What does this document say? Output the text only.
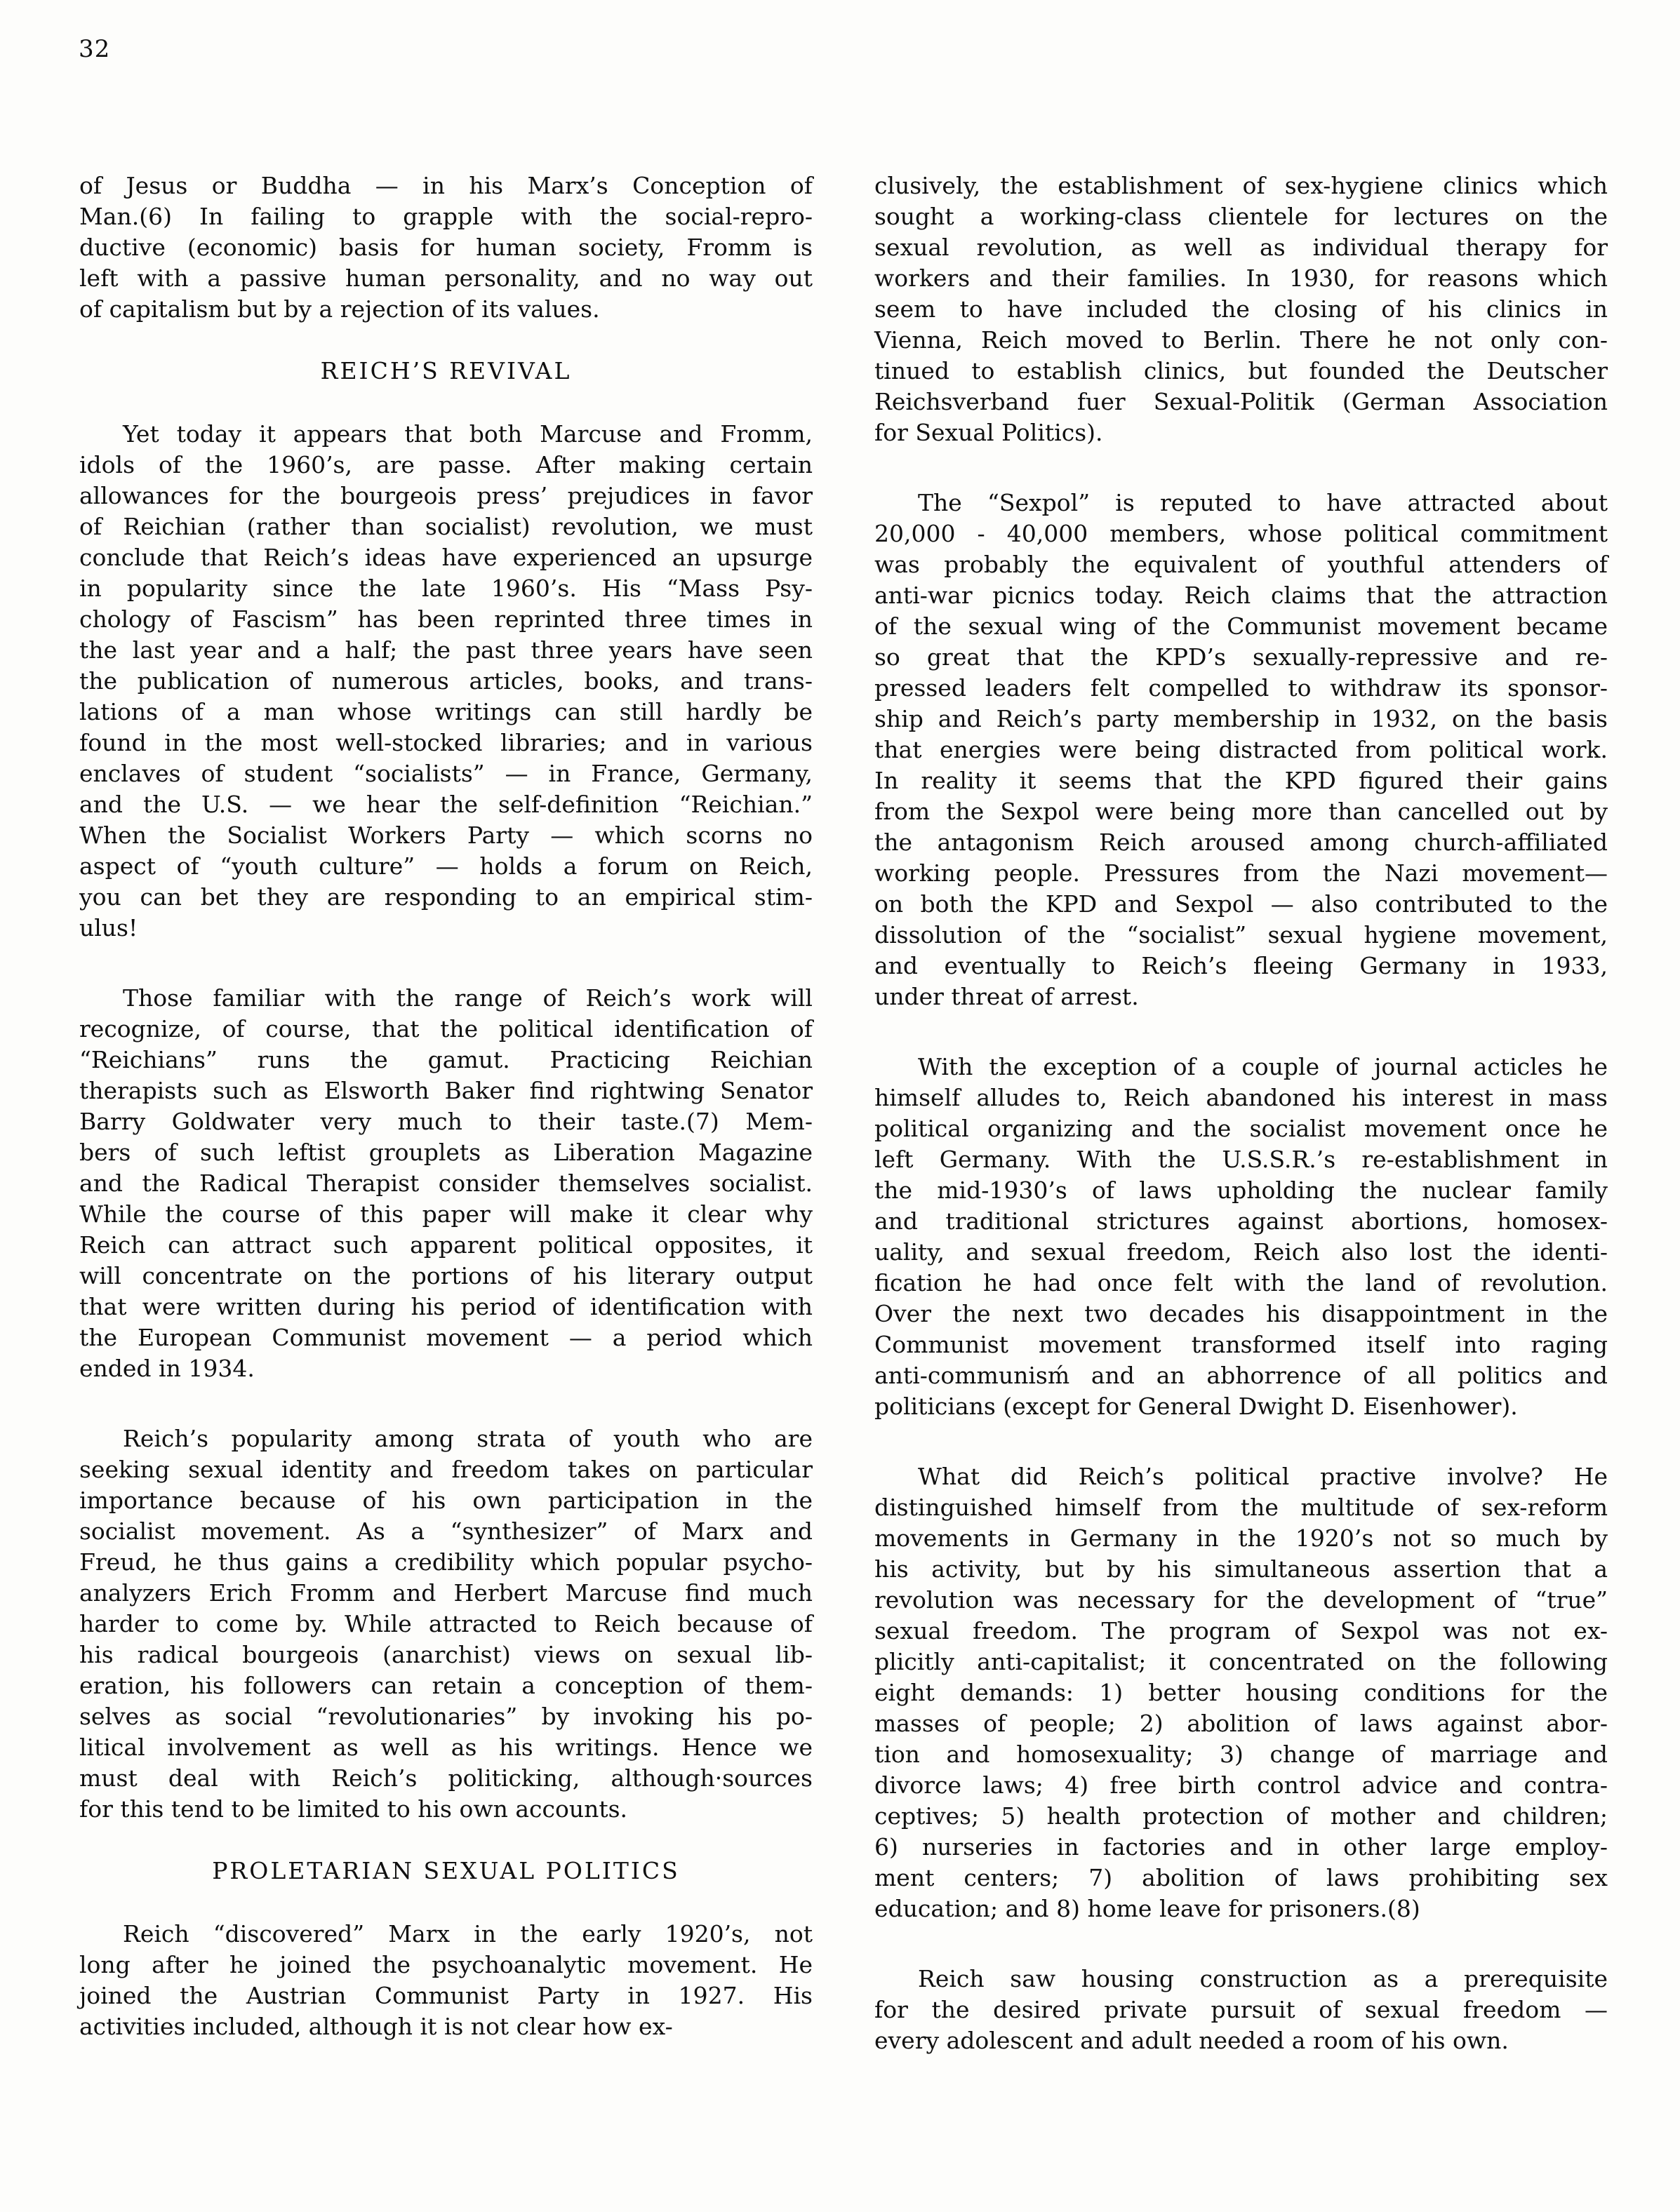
32
of Jesus or Buddha — in his Marx’s Conception of
Man.(6) In failing to grapple with the social-repro-
ductive (economic) basis for human society, Fromm is
left with a passive human personality, and no way out
of capitalism but by a rejection of its values.
REICH’S REVIVAL
Yet today it appears that both Marcuse and Fromm,
idols of the 1960’s, are passe. After making certain
allowances for the bourgeois press’ prejudices in favor
of Reichian (rather than socialist) revolution, we must
conclude that Reich’s ideas have experienced an upsurge
in popularity since the late 1960’s. His “Mass Psy-
chology of Fascism” has been reprinted three times in
the last year and a half; the past three years have seen
the publication of numerous articles, books, and trans-
lations of a man whose writings can still hardly be
found in the most well-stocked libraries; and in various
enclaves of student “socialists” — in France, Germany,
and the U.S. — we hear the self-definition “Reichian.”
When the Socialist Workers Party — which scorns no
aspect of “youth culture” — holds a forum on Reich,
you can bet they are responding to an empirical stim-
ulus!
Those familiar with the range of Reich’s work will
recognize, of course, that the political identification of
“Reichians” runs the gamut. Practicing Reichian
therapists such as Elsworth Baker find rightwing Senator
Barry Goldwater very much to their taste.(7) Mem-
bers of such leftist grouplets as Liberation Magazine
and the Radical Therapist consider themselves socialist.
While the course of this paper will make it clear why
Reich can attract such apparent political opposites, it
will concentrate on the portions of his literary output
that were written during his period of identification with
the European Communist movement — a period which
ended in 1934.
Reich’s popularity among strata of youth who are
seeking sexual identity and freedom takes on particular
importance because of his own participation in the
socialist movement. As a “synthesizer” of Marx and
Freud, he thus gains a credibility which popular psycho-
analyzers Erich Fromm and Herbert Marcuse find much
harder to come by. While attracted to Reich because of
his radical bourgeois (anarchist) views on sexual lib-
eration, his followers can retain a conception of them-
selves as social “revolutionaries” by invoking his po-
litical involvement as well as his writings. Hence we
must deal with Reich’s politicking, although·sources
for this tend to be limited to his own accounts.
PROLETARIAN SEXUAL POLITICS
Reich “discovered” Marx in the early 1920’s, not
long after he joined the psychoanalytic movement. He
joined the Austrian Communist Party in 1927. His
activities included, although it is not clear how ex-
clusively, the establishment of sex-hygiene clinics which
sought a working-class clientele for lectures on the
sexual revolution, as well as individual therapy for
workers and their families. In 1930, for reasons which
seem to have included the closing of his clinics in
Vienna, Reich moved to Berlin. There he not only con-
tinued to establish clinics, but founded the Deutscher
Reichsverband fuer Sexual-Politik (German Association
for Sexual Politics).
The “Sexpol” is reputed to have attracted about
20,000 - 40,000 members, whose political commitment
was probably the equivalent of youthful attenders of
anti-war picnics today. Reich claims that the attraction
of the sexual wing of the Communist movement became
so great that the KPD’s sexually-repressive and re-
pressed leaders felt compelled to withdraw its sponsor-
ship and Reich’s party membership in 1932, on the basis
that energies were being distracted from political work.
In reality it seems that the KPD figured their gains
from the Sexpol were being more than cancelled out by
the antagonism Reich aroused among church-affiliated
working people. Pressures from the Nazi movement—
on both the KPD and Sexpol — also contributed to the
dissolution of the “socialist” sexual hygiene movement,
and eventually to Reich’s fleeing Germany in 1933,
under threat of arrest.
With the exception of a couple of journal acticles he
himself alludes to, Reich abandoned his interest in mass
political organizing and the socialist movement once he
left Germany. With the U.S.S.R.’s re-establishment in
the mid-1930’s of laws upholding the nuclear family
and traditional strictures against abortions, homosex-
uality, and sexual freedom, Reich also lost the identi-
fication he had once felt with the land of revolution.
Over the next two decades his disappointment in the
Communist movement transformed itself into raging
anti-communisḿ and an abhorrence of all politics and
politicians (except for General Dwight D. Eisenhower).
What did Reich’s political practive involve? He
distinguished himself from the multitude of sex-reform
movements in Germany in the 1920’s not so much by
his activity, but by his simultaneous assertion that a
revolution was necessary for the development of “true”
sexual freedom. The program of Sexpol was not ex-
plicitly anti-capitalist; it concentrated on the following
eight demands: 1) better housing conditions for the
masses of people; 2) abolition of laws against abor-
tion and homosexuality; 3) change of marriage and
divorce laws; 4) free birth control advice and contra-
ceptives; 5) health protection of mother and children;
6) nurseries in factories and in other large employ-
ment centers; 7) abolition of laws prohibiting sex
education; and 8) home leave for prisoners.(8)
Reich saw housing construction as a prerequisite
for the desired private pursuit of sexual freedom —
every adolescent and adult needed a room of his own.
